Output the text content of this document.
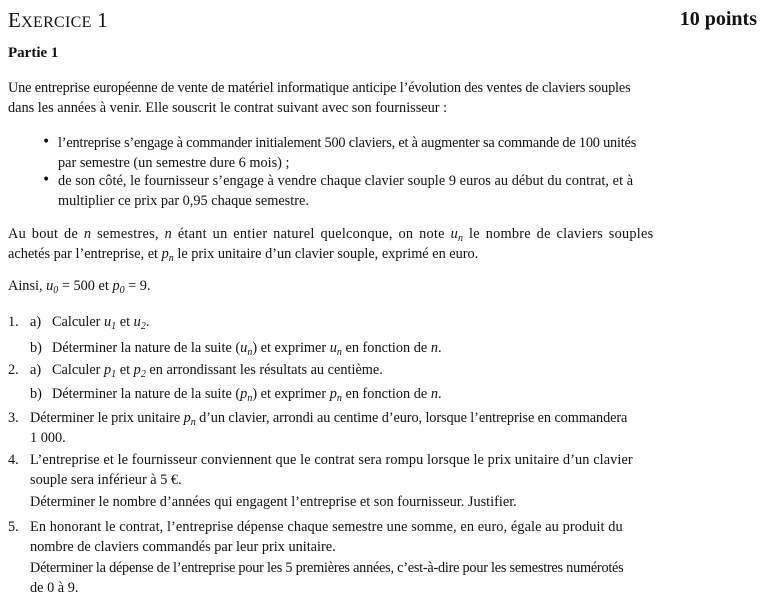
EXERCICE 1	10 points
Partie 1
Une entreprise européenne de vente de matériel informatique anticipe l’évolution des ventes de claviers souples
dans les années à venir. Elle souscrit le contrat suivant avec son fournisseur :
• l’entreprise s’engage à commander initialement 500 claviers, et à augmenter sa commande de 100 unités
par semestre (un semestre dure 6 mois) ;
• de son côté, le fournisseur s’engage à vendre chaque clavier souple 9 euros au début du contrat, et à
multiplier ce prix par 0,95 chaque semestre.
Au bout de n semestres, n étant un entier naturel quelconque, on note $u_n$ le nombre de claviers souples
achetés par l’entreprise, et $p_n$ le prix unitaire d’un clavier souple, exprimé en euro.
Ainsi, $u_0 = 500$ et $p_0 = 9$.
1. a) Calculer $u_1$ et $u_2$.
b) Déterminer la nature de la suite $(u_n)$ et exprimer $u_n$ en fonction de n.
2. a) Calculer $p_1$ et $p_2$ en arrondissant les résultats au centième.
b) Déterminer la nature de la suite $(p_n)$ et exprimer $p_n$ en fonction de n.
3. Déterminer le prix unitaire $p_n$ d’un clavier, arrondi au centime d’euro, lorsque l’entreprise en commandera
1 000.
4. L’entreprise et le fournisseur conviennent que le contrat sera rompu lorsque le prix unitaire d’un clavier
souple sera inférieur à 5 €.
Déterminer le nombre d’années qui engagent l’entreprise et son fournisseur. Justifier.
5. En honorant le contrat, l’entreprise dépense chaque semestre une somme, en euro, égale au produit du
nombre de claviers commandés par leur prix unitaire.
Déterminer la dépense de l’entreprise pour les 5 premières années, c’est-à-dire pour les semestres numérotés
de 0 à 9.
